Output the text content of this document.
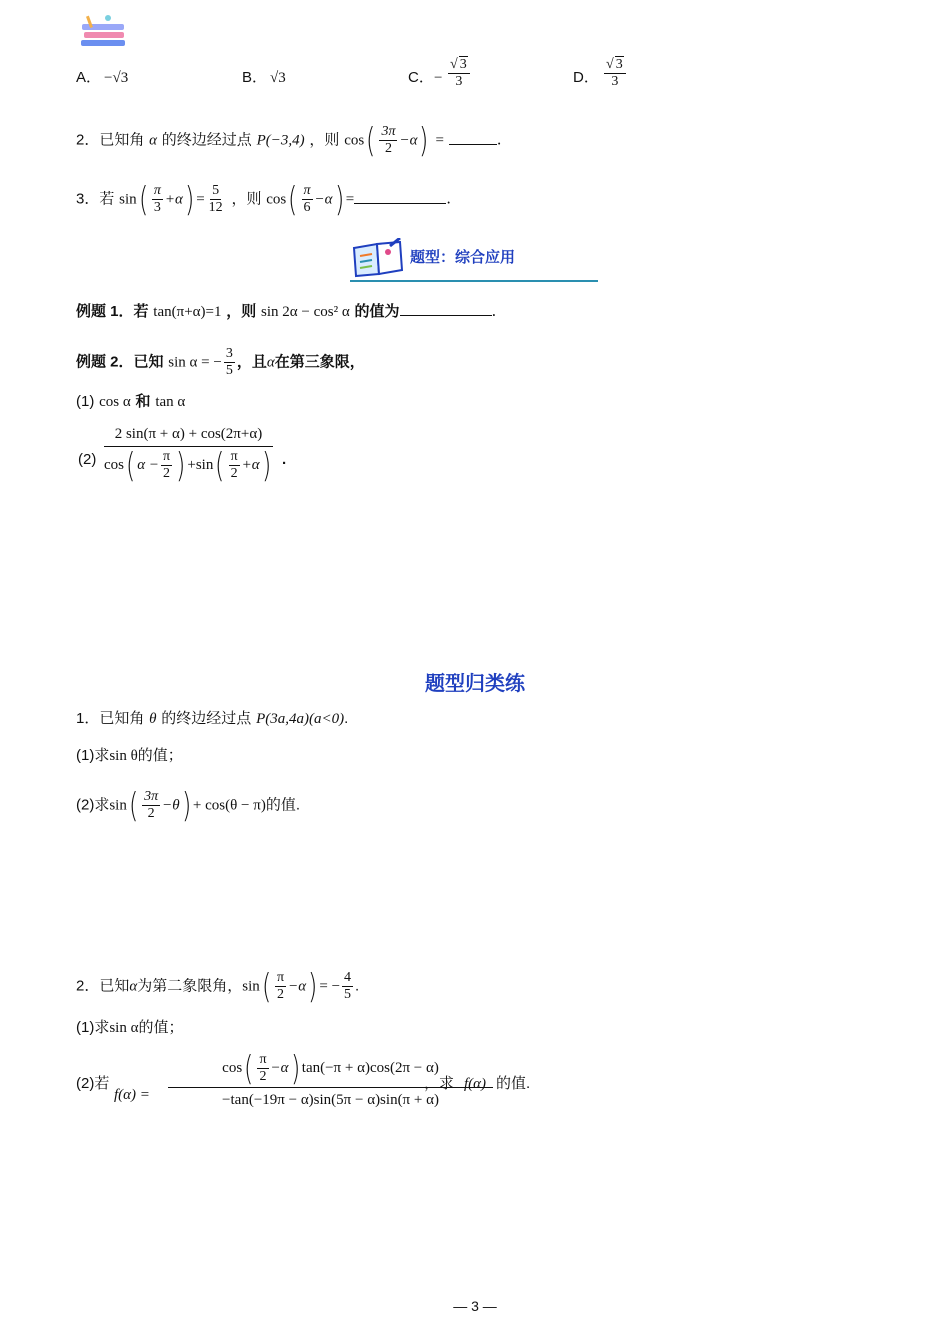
A． −√3	B． √3	C． − $\frac{√ 3}{3}$	D． $\frac{√ 3}{3}$
2．已知角 α 的终边经过点 P(−3,4) ，则 $\cos( \frac{3\pi}{2} -\alpha)$ =	.
3．若 $\sin( \frac{\pi}{3} +\alpha) = \frac{5}{12}$ ，则 $\cos( \frac{\pi}{6} -\alpha)$ =	.
题型：综合应用
例题 1．若 tan(π+α)=1 ，则 sin 2α − cos² α 的值为	.
例题 2．已知 sin α = − $\frac{3}{5}$ ，且α在第三象限，
(1) cos α 和 tan α
$(2) \frac{2 \sin(\pi + \alpha) + \cos(2\pi+\alpha)}{\cos( \alpha - \frac{\pi}{2} ) +\sin( \frac{\pi}{2} +\alpha)}$ .
题型归类练
1．已知角 θ 的终边经过点 P(3a,4a)(a<0).
(1)求sin θ的值；
(2)求$\sin( \frac{3\pi}{2} -\theta) + \cos(\theta - \pi)$的值.
2．已知α为第二象限角，$\sin( \frac{\pi}{2} -\alpha)$ = − $\frac{4}{5}$ .
(1)求sin α的值；
(2)若
$f(\alpha) = \frac{\cos( \frac{\pi}{2} -\alpha) \tan(-\pi + \alpha)\cos(2\pi - \alpha)}{-\tan(-19\pi - \alpha)\sin(5\pi - \alpha)\sin(\pi + \alpha)}$
，求 f(α) 的值.
— 3 —
